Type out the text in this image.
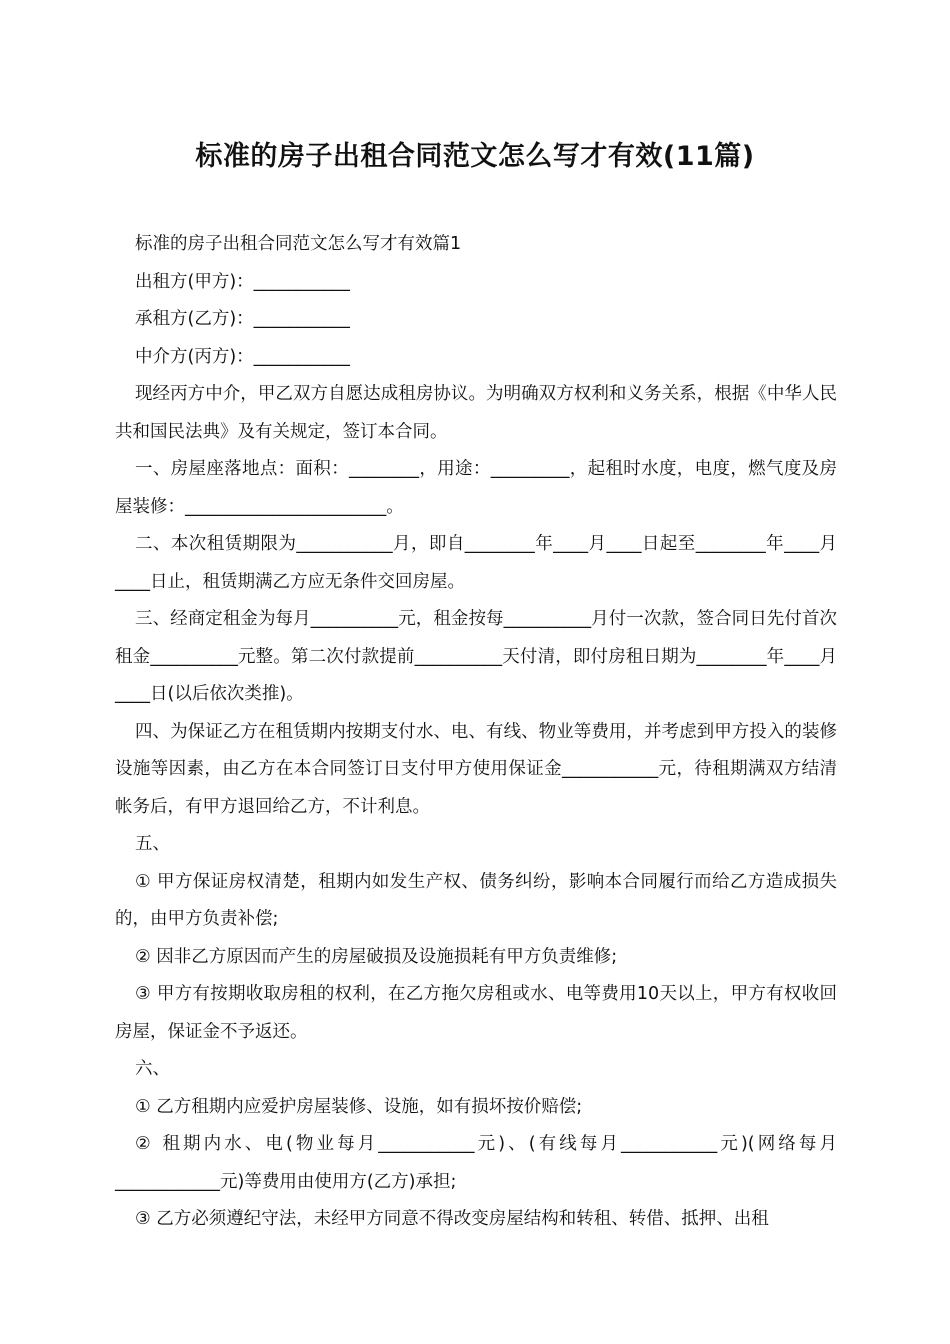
标准的房子出租合同范文怎么写才有效(11篇)

标准的房子出租合同范文怎么写才有效篇1

出租方(甲方)：___________

承租方(乙方)：___________

中介方(丙方)：___________

现经丙方中介，甲乙双方自愿达成租房协议。为明确双方权利和义务关系，根据《中华人民共和国民法典》及有关规定，签订本合同。

一、房屋座落地点：面积：________，用途：_________，起租时水度，电度，燃气度及房屋装修：_______________________。

二、本次租赁期限为___________月，即自________年____月____日起至________年____月____日止，租赁期满乙方应无条件交回房屋。

三、经商定租金为每月__________元，租金按每__________月付一次款，签合同日先付首次租金__________元整。第二次付款提前__________天付清，即付房租日期为________年____月____日(以后依次类推)。

四、为保证乙方在租赁期内按期支付水、电、有线、物业等费用，并考虑到甲方投入的装修设施等因素，由乙方在本合同签订日支付甲方使用保证金___________元，待租期满双方结清帐务后，有甲方退回给乙方，不计利息。

五、

① 甲方保证房权清楚，租期内如发生产权、债务纠纷，影响本合同履行而给乙方造成损失的，由甲方负责补偿;

② 因非乙方原因而产生的房屋破损及设施损耗有甲方负责维修;

③ 甲方有按期收取房租的权利，在乙方拖欠房租或水、电等费用10天以上，甲方有权收回房屋，保证金不予返还。

六、

① 乙方租期内应爱护房屋装修、设施，如有损坏按价赔偿;

② 租期内水、电(物业每月___________元)、(有线每月___________元)(网络每月____________元)等费用由使用方(乙方)承担;

③ 乙方必须遵纪守法，未经甲方同意不得改变房屋结构和转租、转借、抵押、出租
